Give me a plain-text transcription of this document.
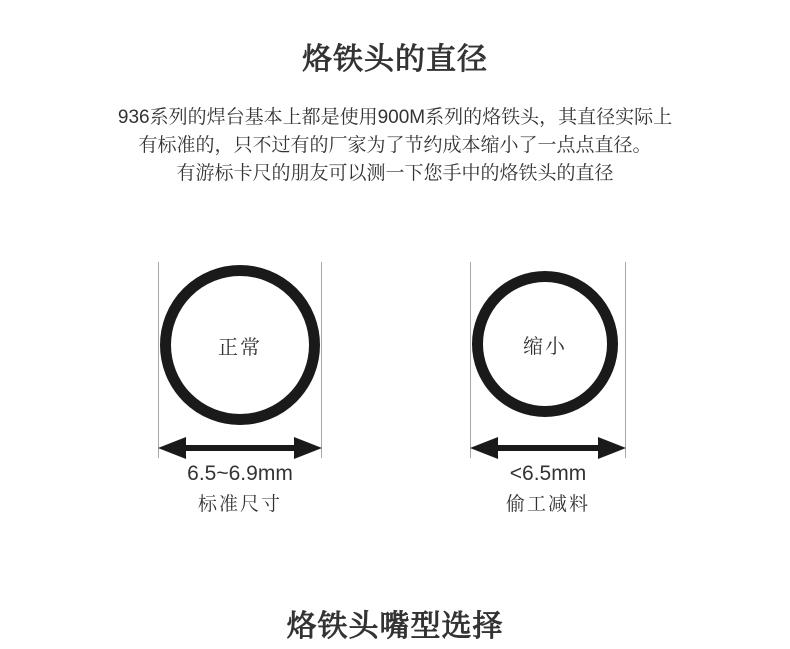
烙铁头的直径
936系列的焊台基本上都是使用900M系列的烙铁头，其直径实际上
有标准的，只不过有的厂家为了节约成本缩小了一点点直径。
有游标卡尺的朋友可以测一下您手中的烙铁头的直径
正常
6.5~6.9mm
标准尺寸
缩小
<6.5mm
偷工减料
烙铁头嘴型选择
